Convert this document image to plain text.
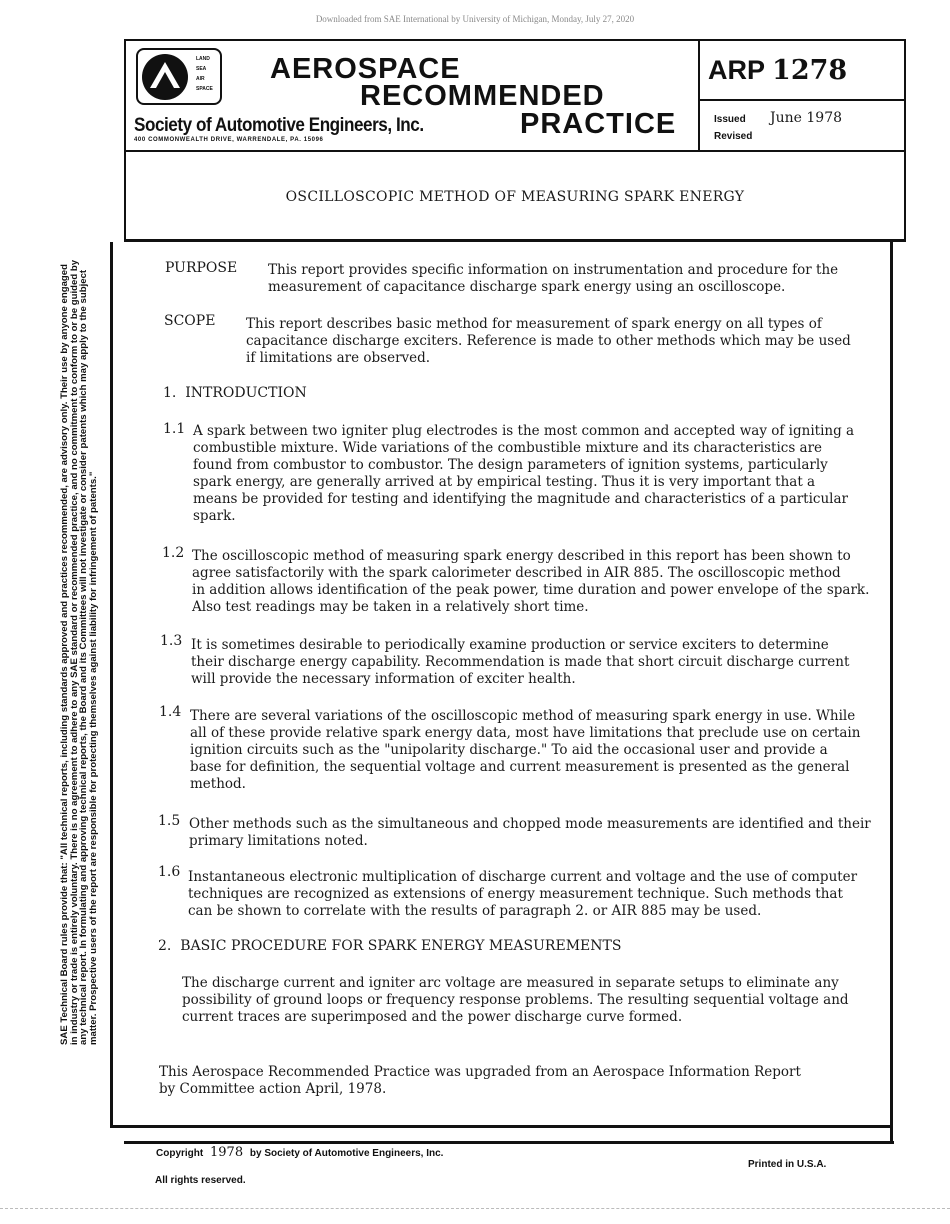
Downloaded from SAE International by University of Michigan, Monday, July 27, 2020
LAND
SEA
AIR
SPACE
AEROSPACE
RECOMMENDED
PRACTICE
Society of Automotive Engineers, Inc.
400 COMMONWEALTH DRIVE, WARRENDALE, PA. 15096
ARP 1278
Issued June 1978
Revised
OSCILLOSCOPIC METHOD OF MEASURING SPARK ENERGY
PURPOSE This report provides specific information on instrumentation and procedure for the
measurement of capacitance discharge spark energy using an oscilloscope.
SCOPE This report describes basic method for measurement of spark energy on all types of
capacitance discharge exciters. Reference is made to other methods which may be used
if limitations are observed.
1. INTRODUCTION
1.1 A spark between two igniter plug electrodes is the most common and accepted way of igniting a
combustible mixture. Wide variations of the combustible mixture and its characteristics are
found from combustor to combustor. The design parameters of ignition systems, particularly
spark energy, are generally arrived at by empirical testing. Thus it is very important that a
means be provided for testing and identifying the magnitude and characteristics of a particular
spark.
1.2 The oscilloscopic method of measuring spark energy described in this report has been shown to
agree satisfactorily with the spark calorimeter described in AIR 885. The oscilloscopic method
in addition allows identification of the peak power, time duration and power envelope of the spark.
Also test readings may be taken in a relatively short time.
1.3 It is sometimes desirable to periodically examine production or service exciters to determine
their discharge energy capability. Recommendation is made that short circuit discharge current
will provide the necessary information of exciter health.
1.4 There are several variations of the oscilloscopic method of measuring spark energy in use. While
all of these provide relative spark energy data, most have limitations that preclude use on certain
ignition circuits such as the "unipolarity discharge." To aid the occasional user and provide a
base for definition, the sequential voltage and current measurement is presented as the general
method.
1.5 Other methods such as the simultaneous and chopped mode measurements are identified and their
primary limitations noted.
1.6 Instantaneous electronic multiplication of discharge current and voltage and the use of computer
techniques are recognized as extensions of energy measurement technique. Such methods that
can be shown to correlate with the results of paragraph 2. or AIR 885 may be used.
2. BASIC PROCEDURE FOR SPARK ENERGY MEASUREMENTS
The discharge current and igniter arc voltage are measured in separate setups to eliminate any
possibility of ground loops or frequency response problems. The resulting sequential voltage and
current traces are superimposed and the power discharge curve formed.
This Aerospace Recommended Practice was upgraded from an Aerospace Information Report
by Committee action April, 1978.
SAE Technical Board rules provide that: "All technical reports, including standards approved and practices recommended, are advisory only. Their use by anyone engaged
in industry or trade is entirely voluntary. There is no agreement to adhere to any SAE standard or recommended practice, and no commitment to conform to or be guided by
any technical report. In formulating and approving technical reports, the Board and its Committees will not investigate or consider patents which may apply to the subject
matter. Prospective users of the report are responsible for protecting themselves against liability for infringement of patents."
Copyright 1978 by Society of Automotive Engineers, Inc.
All rights reserved.
Printed in U.S.A.
